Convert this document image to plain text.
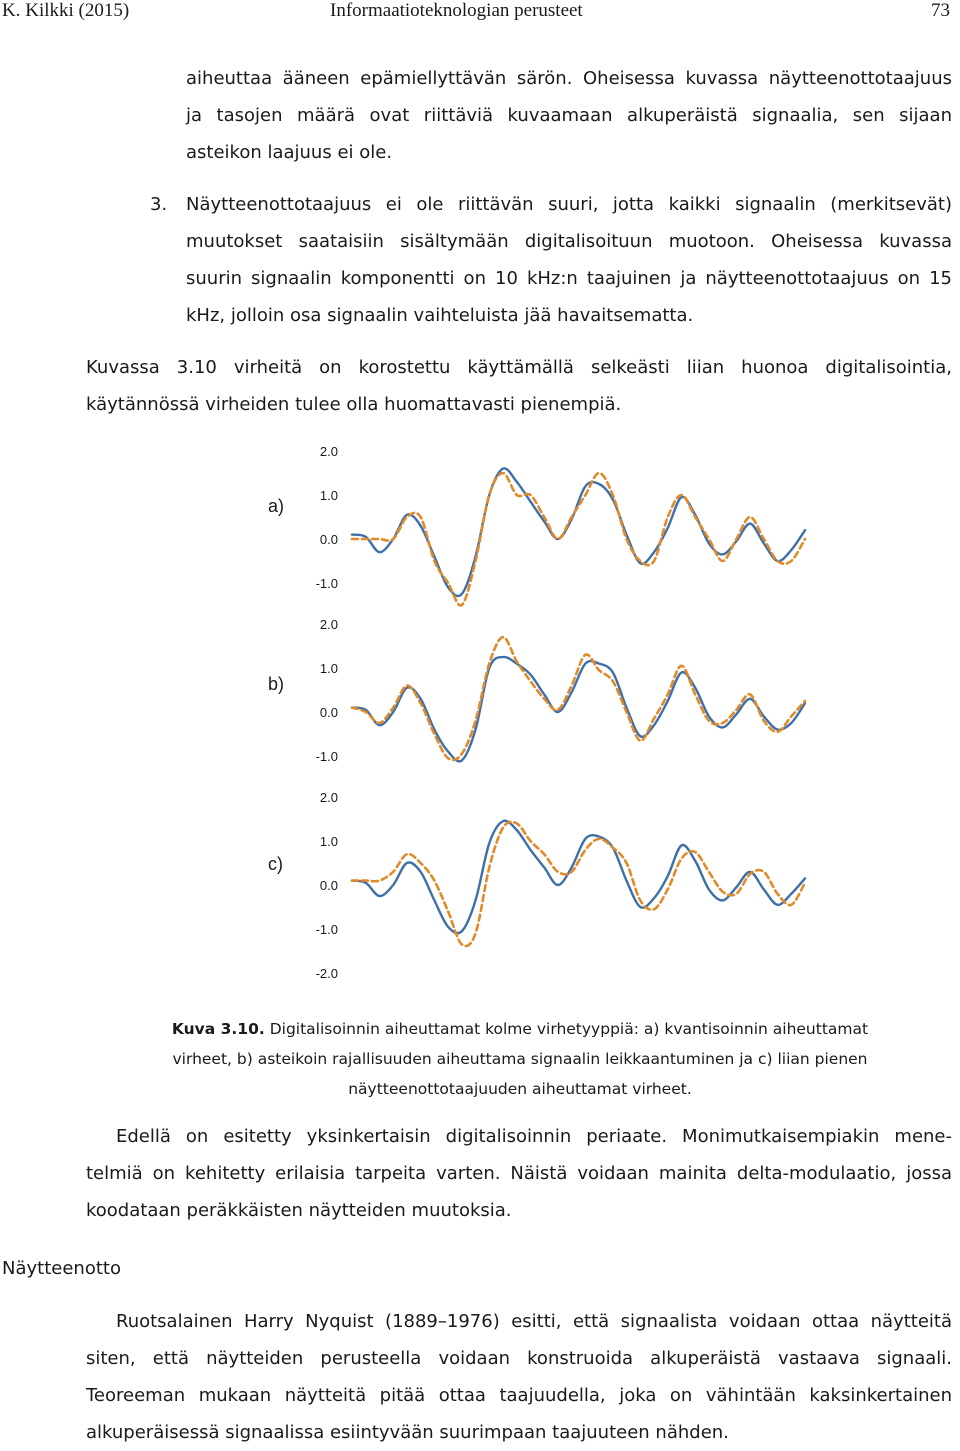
K. Kilkki (2015)	Informaatioteknologian perusteet	73
aiheuttaa ääneen epämiellyttävän särön. Oheisessa kuvassa näytteenottotaajuus
ja tasojen määrä ovat riittäviä kuvaamaan alkuperäistä signaalia, sen sijaan
asteikon laajuus ei ole.
3. Näytteenottotaajuus ei ole riittävän suuri, jotta kaikki signaalin (merkitsevät)
muutokset saataisiin sisältymään digitalisoituun muotoon. Oheisessa kuvassa
suurin signaalin komponentti on 10 kHz:n taajuinen ja näytteenottotaajuus on 15
kHz, jolloin osa signaalin vaihteluista jää havaitsematta.
Kuvassa 3.10 virheitä on korostettu käyttämällä selkeästi liian huonoa digitalisointia,
käytännössä virheiden tulee olla huomattavasti pienempiä.
a)
2.0
1.0
0.0
-1.0
b)
2.0
1.0
0.0
-1.0
c)
2.0
1.0
0.0
-1.0
-2.0
Kuva 3.10. Digitalisoinnin aiheuttamat kolme virhetyyppiä: a) kvantisoinnin aiheuttamat
virheet, b) asteikoin rajallisuuden aiheuttama signaalin leikkaantuminen ja c) liian pienen
näytteenottotaajuuden aiheuttamat virheet.
Edellä on esitetty yksinkertaisin digitalisoinnin periaate. Monimutkaisempiakin mene-
telmiä on kehitetty erilaisia tarpeita varten. Näistä voidaan mainita delta-modulaatio, jossa
koodataan peräkkäisten näytteiden muutoksia.
Näytteenotto
Ruotsalainen Harry Nyquist (1889–1976) esitti, että signaalista voidaan ottaa näytteitä
siten, että näytteiden perusteella voidaan konstruoida alkuperäistä vastaava signaali.
Teoreeman mukaan näytteitä pitää ottaa taajuudella, joka on vähintään kaksinkertainen
alkuperäisessä signaalissa esiintyvään suurimpaan taajuuteen nähden.
